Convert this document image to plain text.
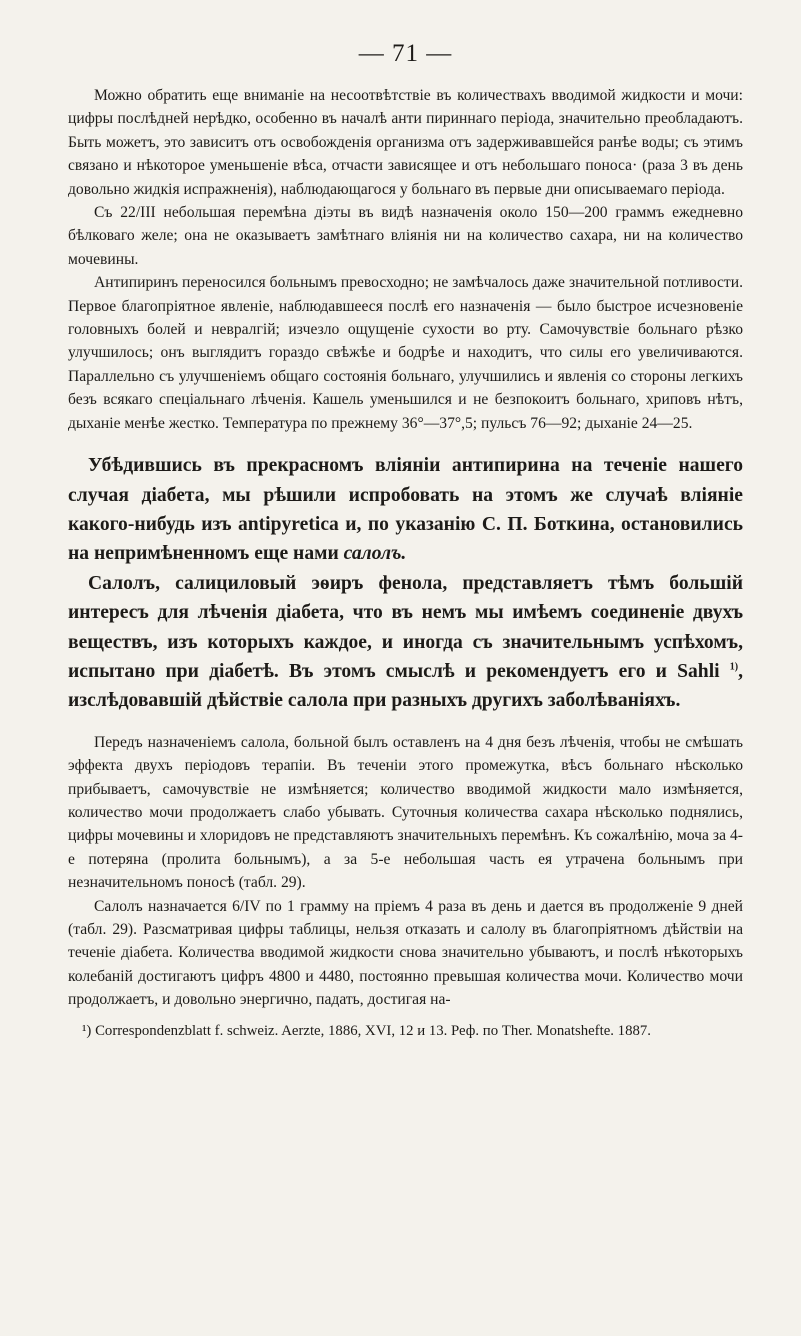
— 71 —

Можно обратить еще вниманіе на несоотвѣтствіе въ количествахъ вводимой жидкости и мочи: цифры послѣдней нерѣдко, особенно въ началѣ анти пириннаго періода, значительно преобладаютъ. Быть можетъ, это зависитъ отъ освобожденія организма отъ задерживавшейся ранѣе воды; съ этимъ связано и нѣкоторое уменьшеніе вѣса, отчасти зависящее и отъ небольшаго поноса· (раза 3 въ день довольно жидкія испражненія), наблюдающагося у больнаго въ первые дни описываемаго періода.

Съ 22/III небольшая перемѣна діэты въ видѣ назначенія около 150—200 граммъ ежедневно бѣлковаго желе; она не оказываетъ замѣтнаго вліянія ни на количество сахара, ни на количество мочевины.

Антипиринъ переносился больнымъ превосходно; не замѣчалось даже значительной потливости. Первое благопріятное явленіе, наблюдавшееся послѣ его назначенія — было быстрое исчезновеніе головныхъ болей и невралгій; изчезло ощущеніе сухости во рту. Самочувствіе больнаго рѣзко улучшилось; онъ выглядитъ гораздо свѣжѣе и бодрѣе и находитъ, что силы его увеличиваются. Параллельно съ улучшеніемъ общаго состоянія больнаго, улучшились и явленія со стороны легкихъ безъ всякаго спеціальнаго лѣченія. Кашель уменьшился и не безпокоитъ больнаго, хриповъ нѣтъ, дыханіе менѣе жестко. Температура по прежнему 36°—37°,5; пульсъ 76—92; дыханіе 24—25.

Убѣдившись въ прекрасномъ вліяніи антипирина на теченіе нашего случая діабета, мы рѣшили испробовать на этомъ же случаѣ вліяніе какого-нибудь изъ аntipyretica и, по указанію С. П. Боткина, остановились на непримѣненномъ еще нами салолъ.

Салолъ, салициловый эѳиръ фенола, представляетъ тѣмъ большій интересъ для лѣченія діабета, что въ немъ мы имѣемъ соединеніе двухъ веществъ, изъ которыхъ каждое, и иногда съ значительнымъ успѣхомъ, испытано при діабетѣ. Въ этомъ смыслѣ и рекомендуетъ его и Sahli $^{1)}$, изслѣдовавшій дѣйствіе салола при разныхъ другихъ заболѣваніяхъ.

Передъ назначеніемъ салола, больной былъ оставленъ на 4 дня безъ лѣченія, чтобы не смѣшать эффекта двухъ періодовъ терапіи. Въ теченіи этого промежутка, вѣсъ больнаго нѣсколько прибываетъ, самочувствіе не измѣняется; количество вводимой жидкости мало измѣняется, количество мочи продолжаетъ слабо убывать. Суточныя количества сахара нѣсколько поднялись, цифры мочевины и хлоридовъ не представляютъ значительныхъ перемѣнъ. Къ сожалѣнію, моча за 4-е потеряна (пролита больнымъ), а за 5-е небольшая часть ея утрачена больнымъ при незначительномъ поносѣ (табл. 29).

Салолъ назначается 6/IV по 1 грамму на пріемъ 4 раза въ день и дается въ продолженіе 9 дней (табл. 29). Разсматривая цифры таблицы, нельзя отказать и салолу въ благопріятномъ дѣйствіи на теченіе діабета. Количества вводимой жидкости снова значительно убываютъ, и послѣ нѣкоторыхъ колебаній достигаютъ цифръ 4800 и 4480, постоянно превышая количества мочи. Количество мочи продолжаетъ, и довольно энергично, падать, достигая на-

¹) Correspondenzblatt f. schweiz. Aerzte, 1886, XVI, 12 и 13. Реф. по Ther. Monatshefte. 1887.
